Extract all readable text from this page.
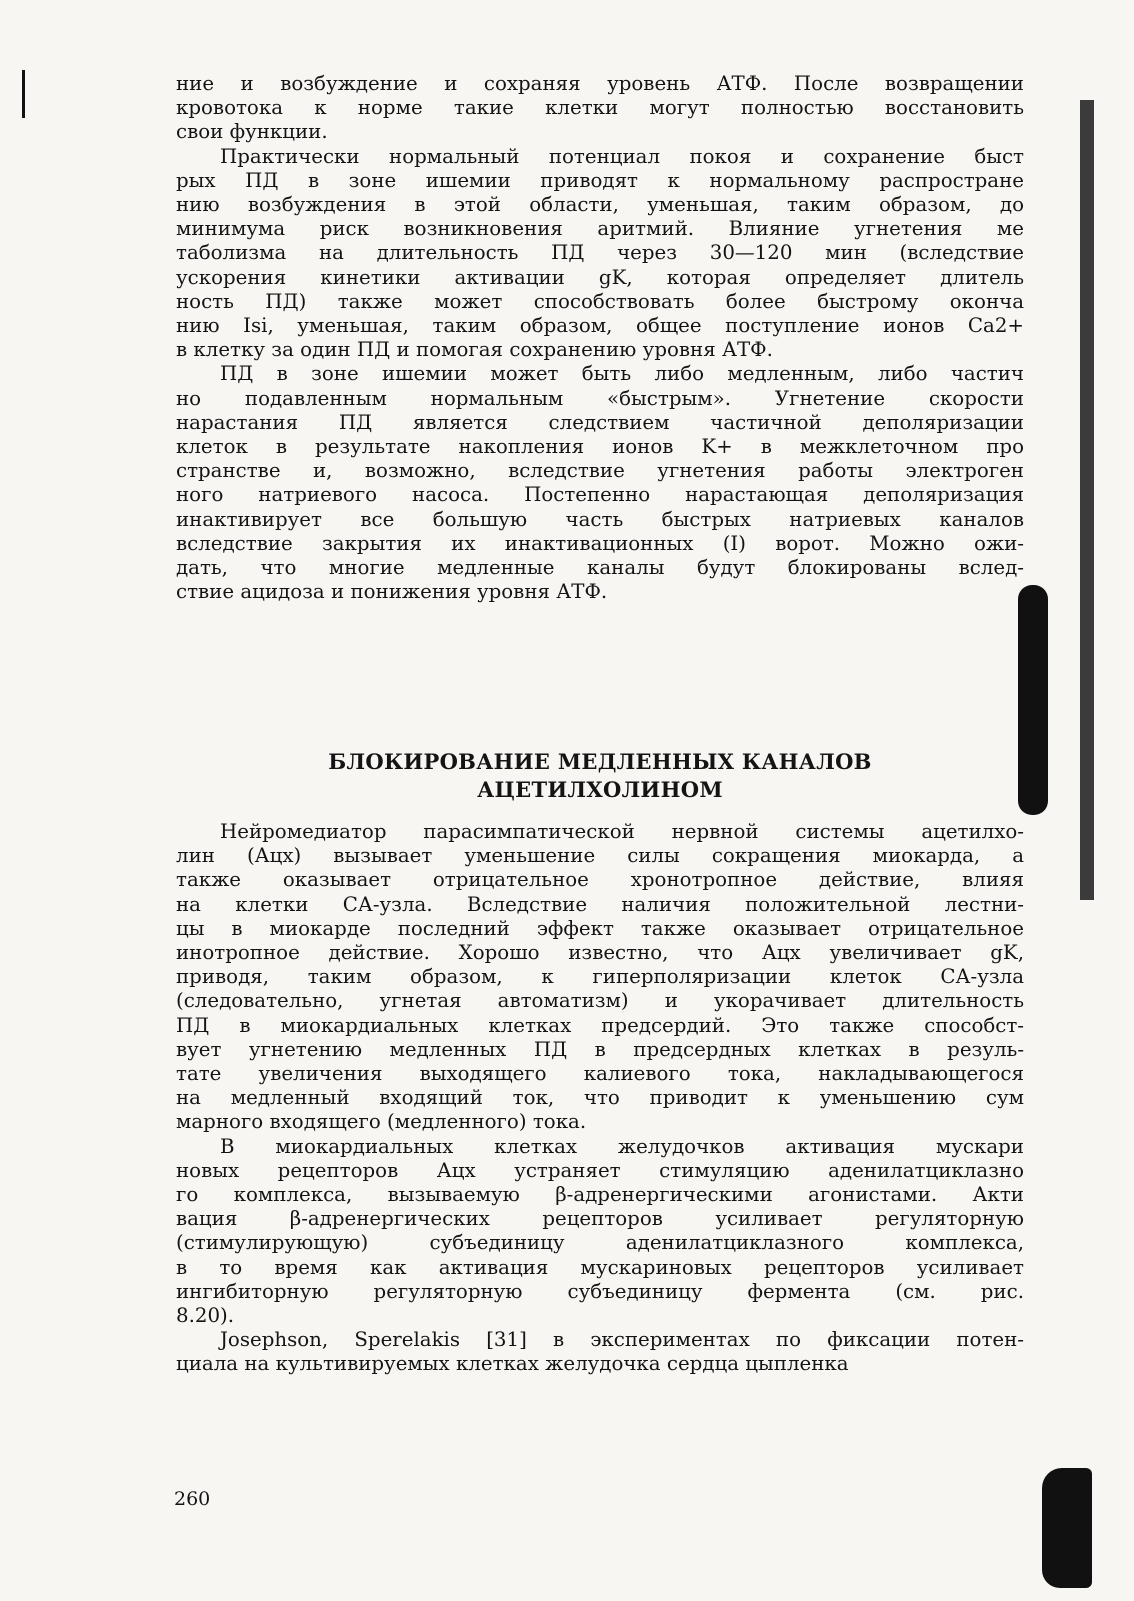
ние и возбуждение и сохраняя уровень АТФ. После возвращении
кровотока к норме такие клетки могут полностью восстановить
свои функции.

Практически нормальный потенциал покоя и сохранение быст
рых ПД в зоне ишемии приводят к нормальному распростране
нию возбуждения в этой области, уменьшая, таким образом, до
минимума риск возникновения аритмий. Влияние угнетения ме
таболизма на длительность ПД через 30—120 мин (вследствие
ускорения кинетики активации gK, которая определяет длитель
ность ПД) также может способствовать более быстрому оконча
нию Isi, уменьшая, таким образом, общее поступление ионов Ca2+
в клетку за один ПД и помогая сохранению уровня АТФ.

ПД в зоне ишемии может быть либо медленным, либо частич
но подавленным нормальным «быстрым». Угнетение скорости
нарастания ПД является следствием частичной деполяризации
клеток в результате накопления ионов K+ в межклеточном про
странстве и, возможно, вследствие угнетения работы электроген
ного натриевого насоса. Постепенно нарастающая деполяризация
инактивирует все большую часть быстрых натриевых каналов
вследствие закрытия их инактивационных (I) ворот. Можно ожи-
дать, что многие медленные каналы будут блокированы вслед-
ствие ацидоза и понижения уровня АТФ.

БЛОКИРОВАНИЕ МЕДЛЕННЫХ КАНАЛОВ
АЦЕТИЛХОЛИНОМ

Нейромедиатор парасимпатической нервной системы ацетилхо-
лин (Ацх) вызывает уменьшение силы сокращения миокарда, а
также оказывает отрицательное хронотропное действие, влияя
на клетки СА-узла. Вследствие наличия положительной лестни-
цы в миокарде последний эффект также оказывает отрицательное
инотропное действие. Хорошо известно, что Ацх увеличивает gK,
приводя, таким образом, к гиперполяризации клеток СА-узла
(следовательно, угнетая автоматизм) и укорачивает длительность
ПД в миокардиальных клетках предсердий. Это также способст-
вует угнетению медленных ПД в предсердных клетках в резуль-
тате увеличения выходящего калиевого тока, накладывающегося
на медленный входящий ток, что приводит к уменьшению сум
марного входящего (медленного) тока.

В миокардиальных клетках желудочков активация мускари
новых рецепторов Ацх устраняет стимуляцию аденилатциклазно
го комплекса, вызываемую β-адренергическими агонистами. Акти
вация β-адренергических рецепторов усиливает регуляторную
(стимулирующую) субъединицу аденилатциклазного комплекса,
в то время как активация мускариновых рецепторов усиливает
ингибиторную регуляторную субъединицу фермента (см. рис.
8.20).

Josephson, Sperelakis [31] в экспериментах по фиксации потен-
циала на культивируемых клетках желудочка сердца цыпленка

260
